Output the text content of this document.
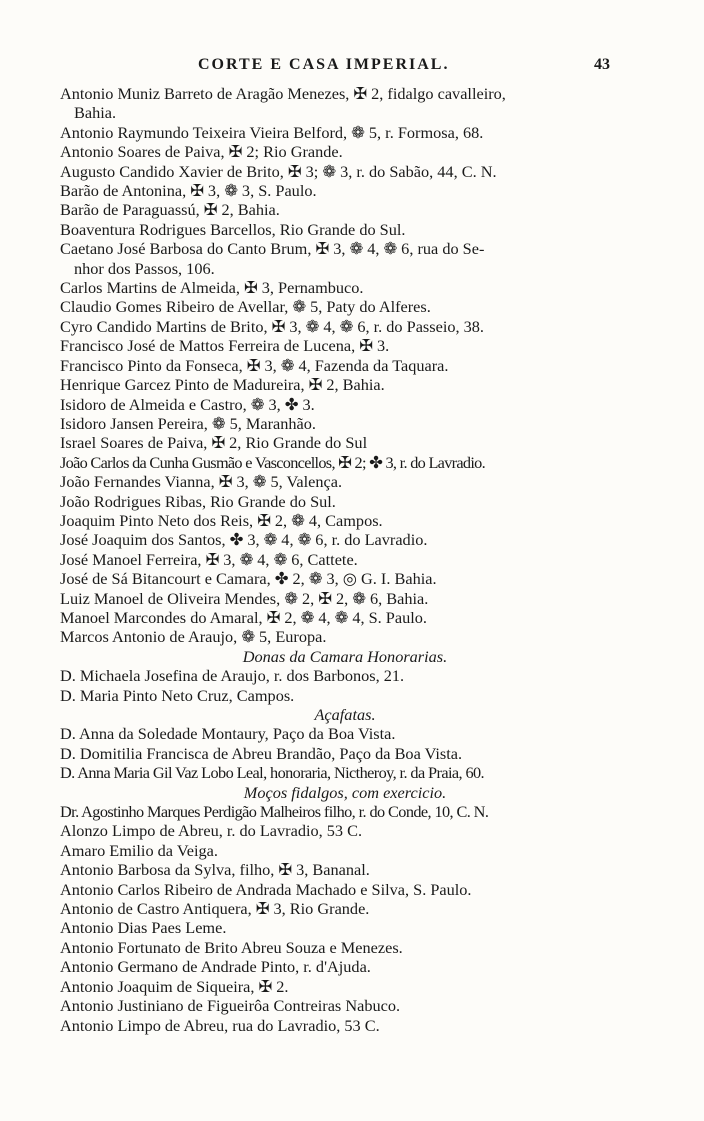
CORTE E CASA IMPERIAL.	43
Antonio Muniz Barreto de Aragão Menezes, ✠ 2, fidalgo cavalleiro,
Bahia.
Antonio Raymundo Teixeira Vieira Belford, ❁ 5, r. Formosa, 68.
Antonio Soares de Paiva, ✠ 2; Rio Grande.
Augusto Candido Xavier de Brito, ✠ 3; ❁ 3, r. do Sabão, 44, C. N.
Barão de Antonina, ✠ 3, ❁ 3, S. Paulo.
Barão de Paraguassú, ✠ 2, Bahia.
Boaventura Rodrigues Barcellos, Rio Grande do Sul.
Caetano José Barbosa do Canto Brum, ✠ 3, ❁ 4, ❁ 6, rua do Se-
nhor dos Passos, 106.
Carlos Martins de Almeida, ✠ 3, Pernambuco.
Claudio Gomes Ribeiro de Avellar, ❁ 5, Paty do Alferes.
Cyro Candido Martins de Brito, ✠ 3, ❁ 4, ❁ 6, r. do Passeio, 38.
Francisco José de Mattos Ferreira de Lucena, ✠ 3.
Francisco Pinto da Fonseca, ✠ 3, ❁ 4, Fazenda da Taquara.
Henrique Garcez Pinto de Madureira, ✠ 2, Bahia.
Isidoro de Almeida e Castro, ❁ 3, ✤ 3.
Isidoro Jansen Pereira, ❁ 5, Maranhão.
Israel Soares de Paiva, ✠ 2, Rio Grande do Sul
João Carlos da Cunha Gusmão e Vasconcellos, ✠ 2; ✤ 3, r. do Lavradio.
João Fernandes Vianna, ✠ 3, ❁ 5, Valença.
João Rodrigues Ribas, Rio Grande do Sul.
Joaquim Pinto Neto dos Reis, ✠ 2, ❁ 4, Campos.
José Joaquim dos Santos, ✤ 3, ❁ 4, ❁ 6, r. do Lavradio.
José Manoel Ferreira, ✠ 3, ❁ 4, ❁ 6, Cattete.
José de Sá Bitancourt e Camara, ✤ 2, ❁ 3, ◎ G. I. Bahia.
Luiz Manoel de Oliveira Mendes, ❁ 2, ✠ 2, ❁ 6, Bahia.
Manoel Marcondes do Amaral, ✠ 2, ❁ 4, ❁ 4, S. Paulo.
Marcos Antonio de Araujo, ❁ 5, Europa.
Donas da Camara Honorarias.
D. Michaela Josefina de Araujo, r. dos Barbonos, 21.
D. Maria Pinto Neto Cruz, Campos.
Açafatas.
D. Anna da Soledade Montaury, Paço da Boa Vista.
D. Domitilia Francisca de Abreu Brandão, Paço da Boa Vista.
D. Anna Maria Gil Vaz Lobo Leal, honoraria, Nictheroy, r. da Praia, 60.
Moços fidalgos, com exercicio.
Dr. Agostinho Marques Perdigão Malheiros filho, r. do Conde, 10, C. N.
Alonzo Limpo de Abreu, r. do Lavradio, 53 C.
Amaro Emilio da Veiga.
Antonio Barbosa da Sylva, filho, ✠ 3, Bananal.
Antonio Carlos Ribeiro de Andrada Machado e Silva, S. Paulo.
Antonio de Castro Antiquera, ✠ 3, Rio Grande.
Antonio Dias Paes Leme.
Antonio Fortunato de Brito Abreu Souza e Menezes.
Antonio Germano de Andrade Pinto, r. d'Ajuda.
Antonio Joaquim de Siqueira, ✠ 2.
Antonio Justiniano de Figueirôa Contreiras Nabuco.
Antonio Limpo de Abreu, rua do Lavradio, 53 C.
